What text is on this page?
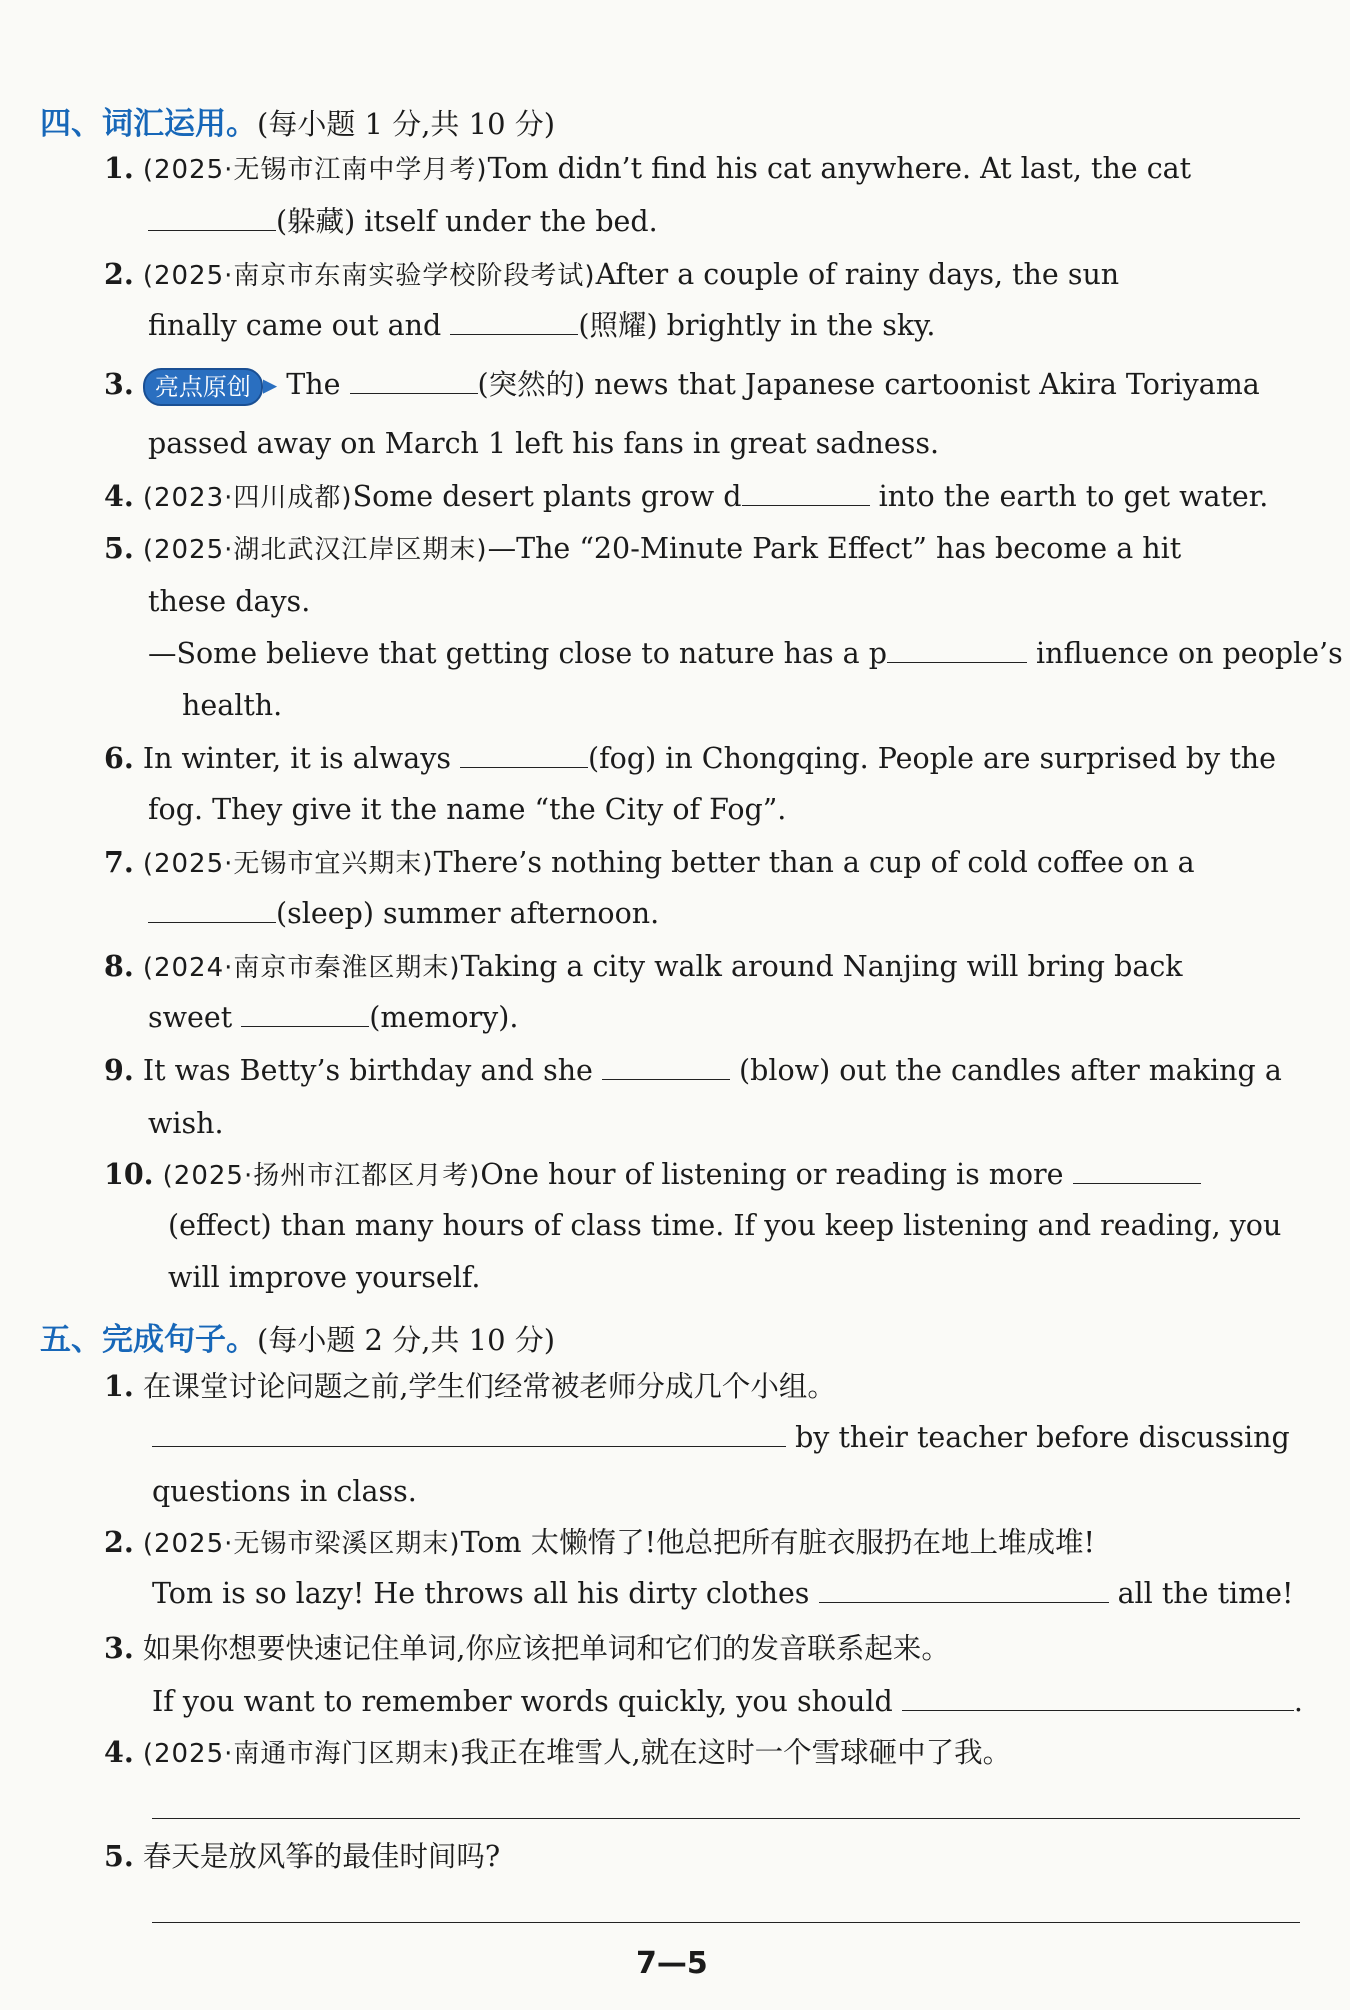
四、词汇运用。(每小题 1 分,共 10 分)
1. (2025·无锡市江南中学月考)Tom didn’t find his cat anywhere. At last, the cat
(躲藏) itself under the bed.
2. (2025·南京市东南实验学校阶段考试)After a couple of rainy days, the sun
finally came out and	(照耀) brightly in the sky.
3. 亮点原创 ▸ The	(突然的) news that Japanese cartoonist Akira Toriyama
passed away on March 1 left his fans in great sadness.
4. (2023·四川成都)Some desert plants grow d	into the earth to get water.
5. (2025·湖北武汉江岸区期末)—The “20-Minute Park Effect” has become a hit
these days.
—Some believe that getting close to nature has a p	influence on people’s
health.
6. In winter, it is always	(fog) in Chongqing. People are surprised by the
fog. They give it the name “the City of Fog”.
7. (2025·无锡市宜兴期末)There’s nothing better than a cup of cold coffee on a
(sleep) summer afternoon.
8. (2024·南京市秦淮区期末)Taking a city walk around Nanjing will bring back
sweet	(memory).
9. It was Betty’s birthday and she	(blow) out the candles after making a
wish.
10. (2025·扬州市江都区月考)One hour of listening or reading is more
(effect) than many hours of class time. If you keep listening and reading, you
will improve yourself.
五、完成句子。(每小题 2 分,共 10 分)
1. 在课堂讨论问题之前,学生们经常被老师分成几个小组。
by their teacher before discussing
questions in class.
2. (2025·无锡市梁溪区期末)Tom 太懒惰了!他总把所有脏衣服扔在地上堆成堆!
Tom is so lazy! He throws all his dirty clothes	all the time!
3. 如果你想要快速记住单词,你应该把单词和它们的发音联系起来。
If you want to remember words quickly, you should	.
4. (2025·南通市海门区期末)我正在堆雪人,就在这时一个雪球砸中了我。
5. 春天是放风筝的最佳时间吗?
7—5
